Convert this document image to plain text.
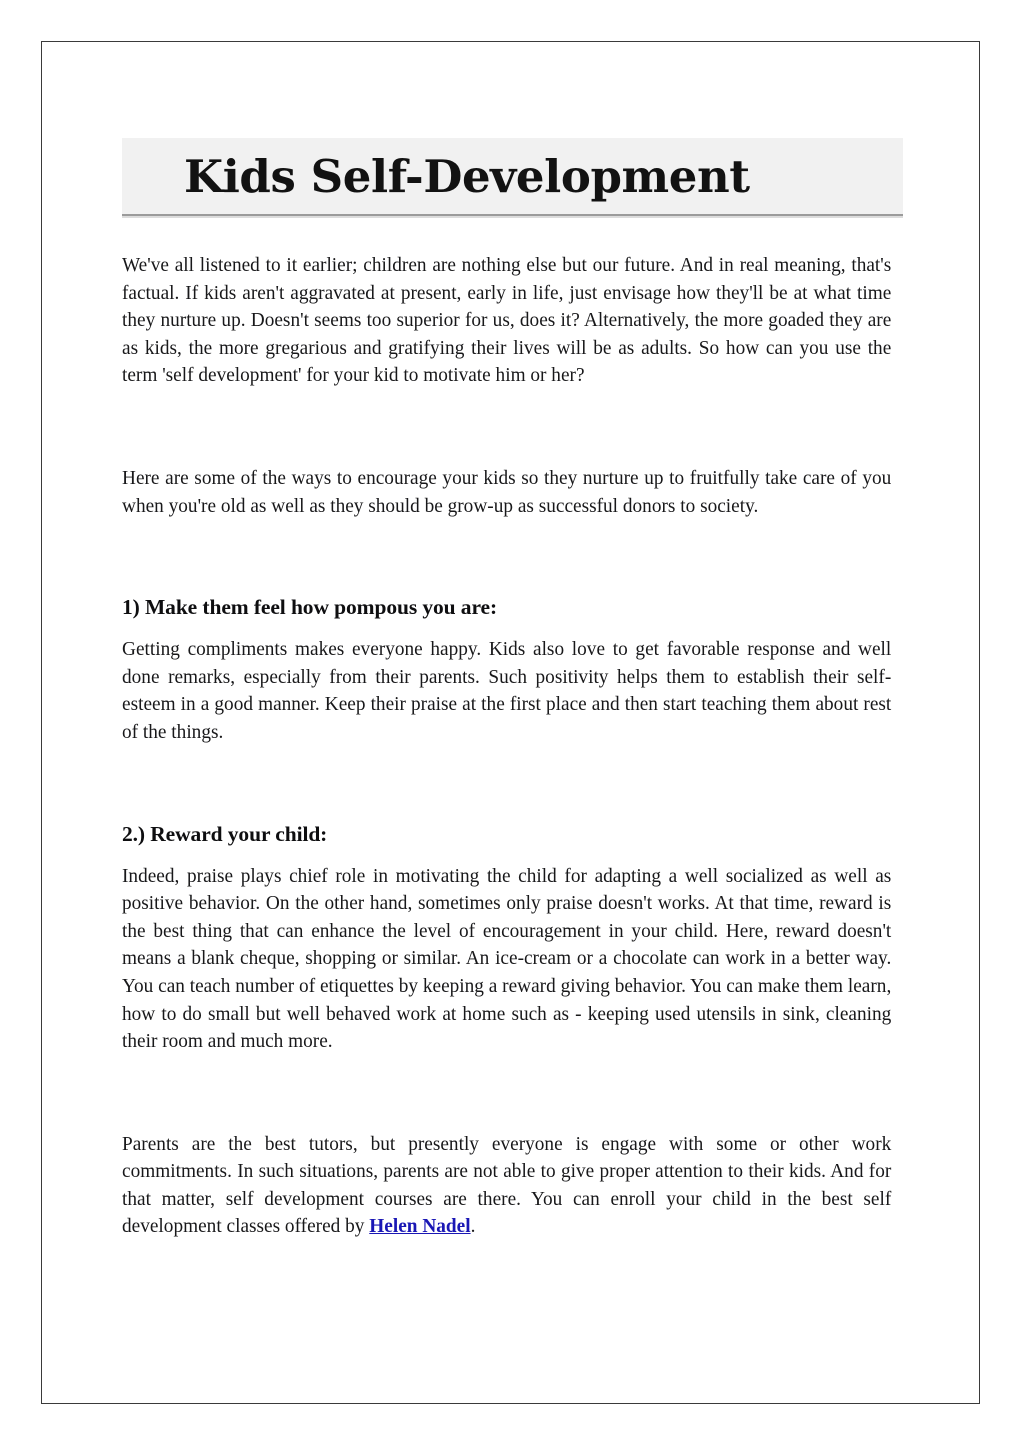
Kids Self-Development

We've all listened to it earlier; children are nothing else but our future. And in real meaning, that's factual. If kids aren't aggravated at present, early in life, just envisage how they'll be at what time they nurture up. Doesn't seems too superior for us, does it? Alternatively, the more goaded they are as kids, the more gregarious and gratifying their lives will be as adults. So how can you use the term 'self development' for your kid to motivate him or her?

Here are some of the ways to encourage your kids so they nurture up to fruitfully take care of you when you're old as well as they should be grow-up as successful donors to society.

1) Make them feel how pompous you are:

Getting compliments makes everyone happy. Kids also love to get favorable response and well done remarks, especially from their parents. Such positivity helps them to establish their self-esteem in a good manner. Keep their praise at the first place and then start teaching them about rest of the things.

2.) Reward your child:

Indeed, praise plays chief role in motivating the child for adapting a well socialized as well as positive behavior. On the other hand, sometimes only praise doesn't works. At that time, reward is the best thing that can enhance the level of encouragement in your child. Here, reward doesn't means a blank cheque, shopping or similar. An ice-cream or a chocolate can work in a better way. You can teach number of etiquettes by keeping a reward giving behavior. You can make them learn, how to do small but well behaved work at home such as - keeping used utensils in sink, cleaning their room and much more.

Parents are the best tutors, but presently everyone is engage with some or other work commitments. In such situations, parents are not able to give proper attention to their kids. And for that matter, self development courses are there. You can enroll your child in the best self development classes offered by Helen Nadel.
